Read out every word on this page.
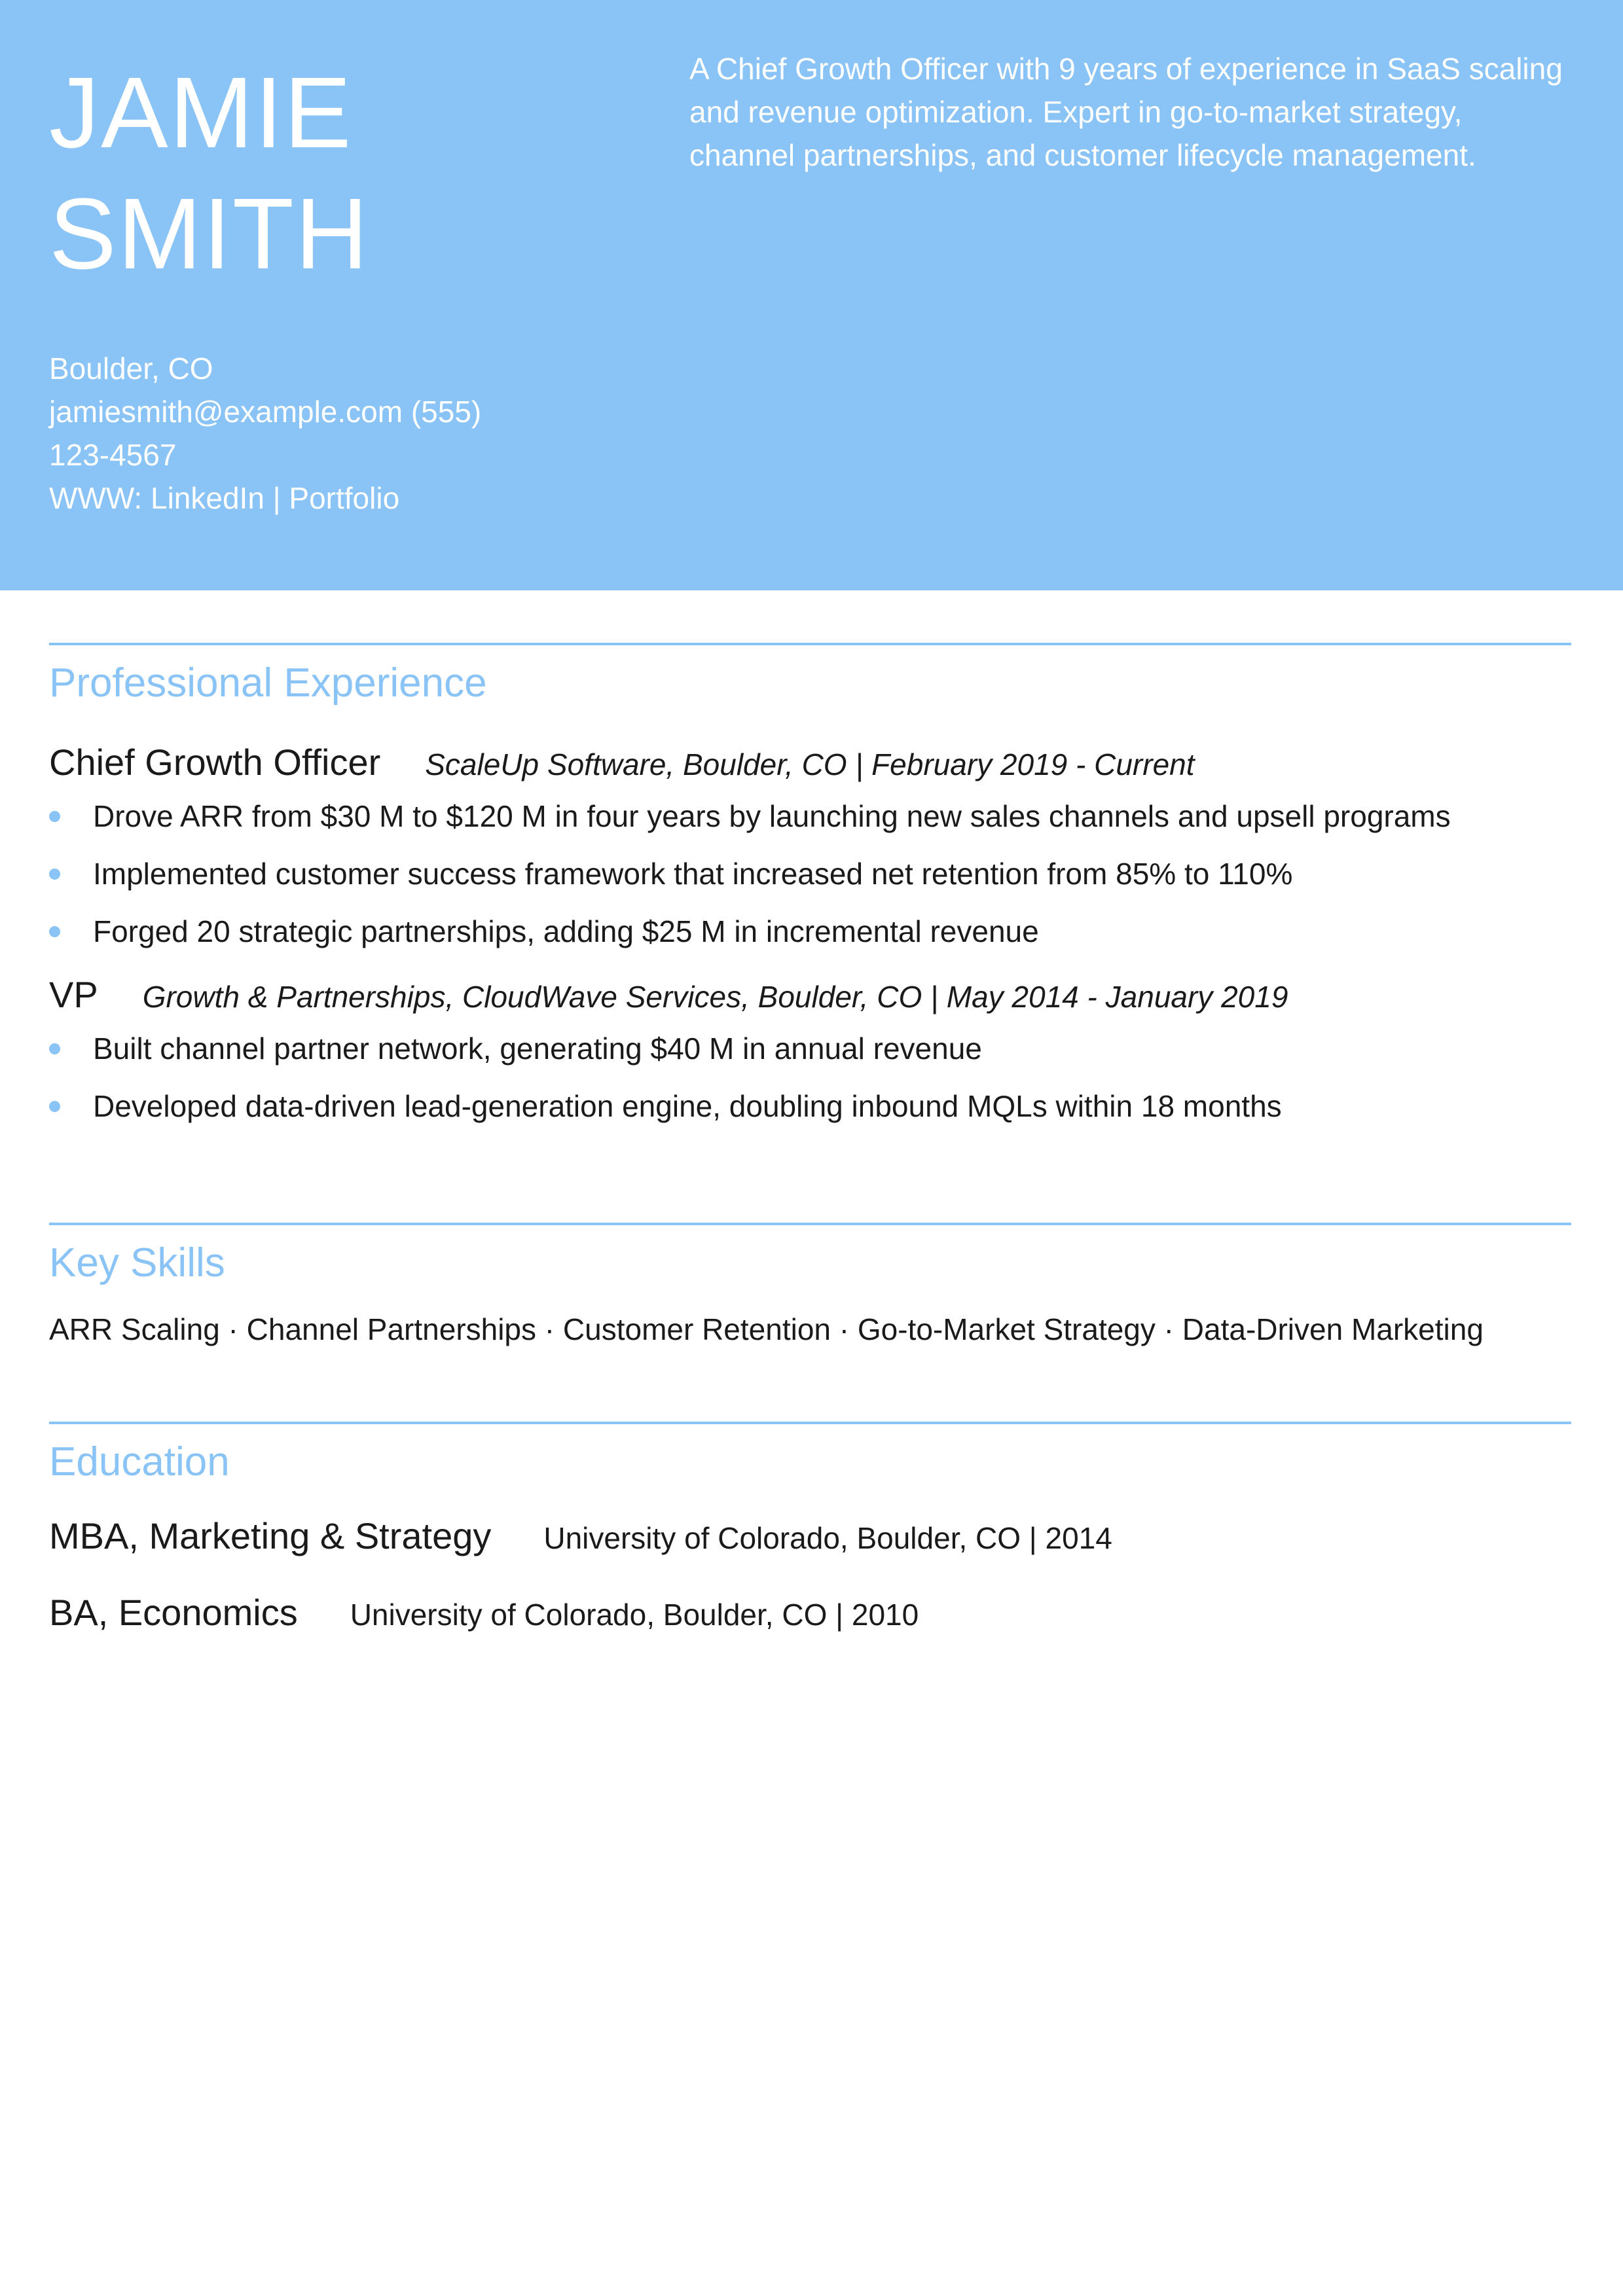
JAMIE
SMITH

A Chief Growth Officer with 9 years of experience in SaaS scaling and revenue optimization. Expert in go-to-market strategy, channel partnerships, and customer lifecycle management.

Boulder, CO
jamiesmith@example.com (555)
123-4567
WWW: LinkedIn | Portfolio
Professional Experience
Chief Growth Officer ScaleUp Software, Boulder, CO | February 2019 - Current
Drove ARR from $30 M to $120 M in four years by launching new sales channels and upsell programs
Implemented customer success framework that increased net retention from 85% to 110%
Forged 20 strategic partnerships, adding $25 M in incremental revenue
VP Growth & Partnerships, CloudWave Services, Boulder, CO | May 2014 - January 2019
Built channel partner network, generating $40 M in annual revenue
Developed data-driven lead-generation engine, doubling inbound MQLs within 18 months
Key Skills
ARR Scaling · Channel Partnerships · Customer Retention · Go-to-Market Strategy · Data-Driven Marketing
Education
MBA, Marketing & Strategy University of Colorado, Boulder, CO | 2014
BA, Economics University of Colorado, Boulder, CO | 2010
